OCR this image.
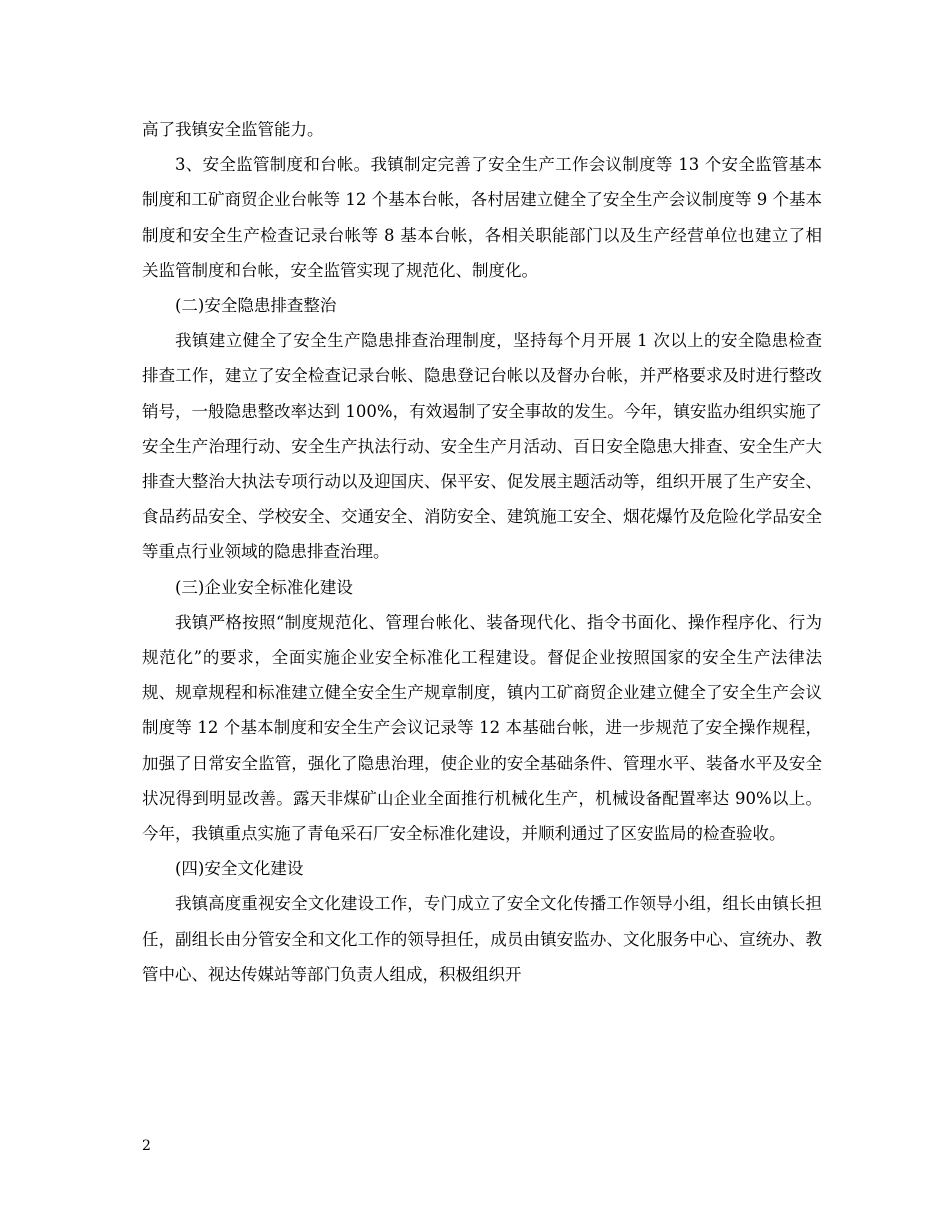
高了我镇安全监管能力。

3、安全监管制度和台帐。我镇制定完善了安全生产工作会议制度等 13 个安全监管基本制度和工矿商贸企业台帐等 12 个基本台帐，各村居建立健全了安全生产会议制度等 9 个基本制度和安全生产检查记录台帐等 8 基本台帐，各相关职能部门以及生产经营单位也建立了相关监管制度和台帐，安全监管实现了规范化、制度化。

(二)安全隐患排查整治

我镇建立健全了安全生产隐患排查治理制度，坚持每个月开展 1 次以上的安全隐患检查排查工作，建立了安全检查记录台帐、隐患登记台帐以及督办台帐，并严格要求及时进行整改销号，一般隐患整改率达到 100%，有效遏制了安全事故的发生。今年，镇安监办组织实施了安全生产治理行动、安全生产执法行动、安全生产月活动、百日安全隐患大排查、安全生产大排查大整治大执法专项行动以及迎国庆、保平安、促发展主题活动等，组织开展了生产安全、食品药品安全、学校安全、交通安全、消防安全、建筑施工安全、烟花爆竹及危险化学品安全等重点行业领域的隐患排查治理。

(三)企业安全标准化建设

我镇严格按照“制度规范化、管理台帐化、装备现代化、指令书面化、操作程序化、行为规范化”的要求，全面实施企业安全标准化工程建设。督促企业按照国家的安全生产法律法规、规章规程和标准建立健全安全生产规章制度，镇内工矿商贸企业建立健全了安全生产会议制度等 12 个基本制度和安全生产会议记录等 12 本基础台帐，进一步规范了安全操作规程，加强了日常安全监管，强化了隐患治理，使企业的安全基础条件、管理水平、装备水平及安全状况得到明显改善。露天非煤矿山企业全面推行机械化生产，机械设备配置率达 90%以上。今年，我镇重点实施了青龟采石厂安全标准化建设，并顺利通过了区安监局的检查验收。

(四)安全文化建设

我镇高度重视安全文化建设工作，专门成立了安全文化传播工作领导小组，组长由镇长担任，副组长由分管安全和文化工作的领导担任，成员由镇安监办、文化服务中心、宣统办、教管中心、视达传媒站等部门负责人组成，积极组织开

2
